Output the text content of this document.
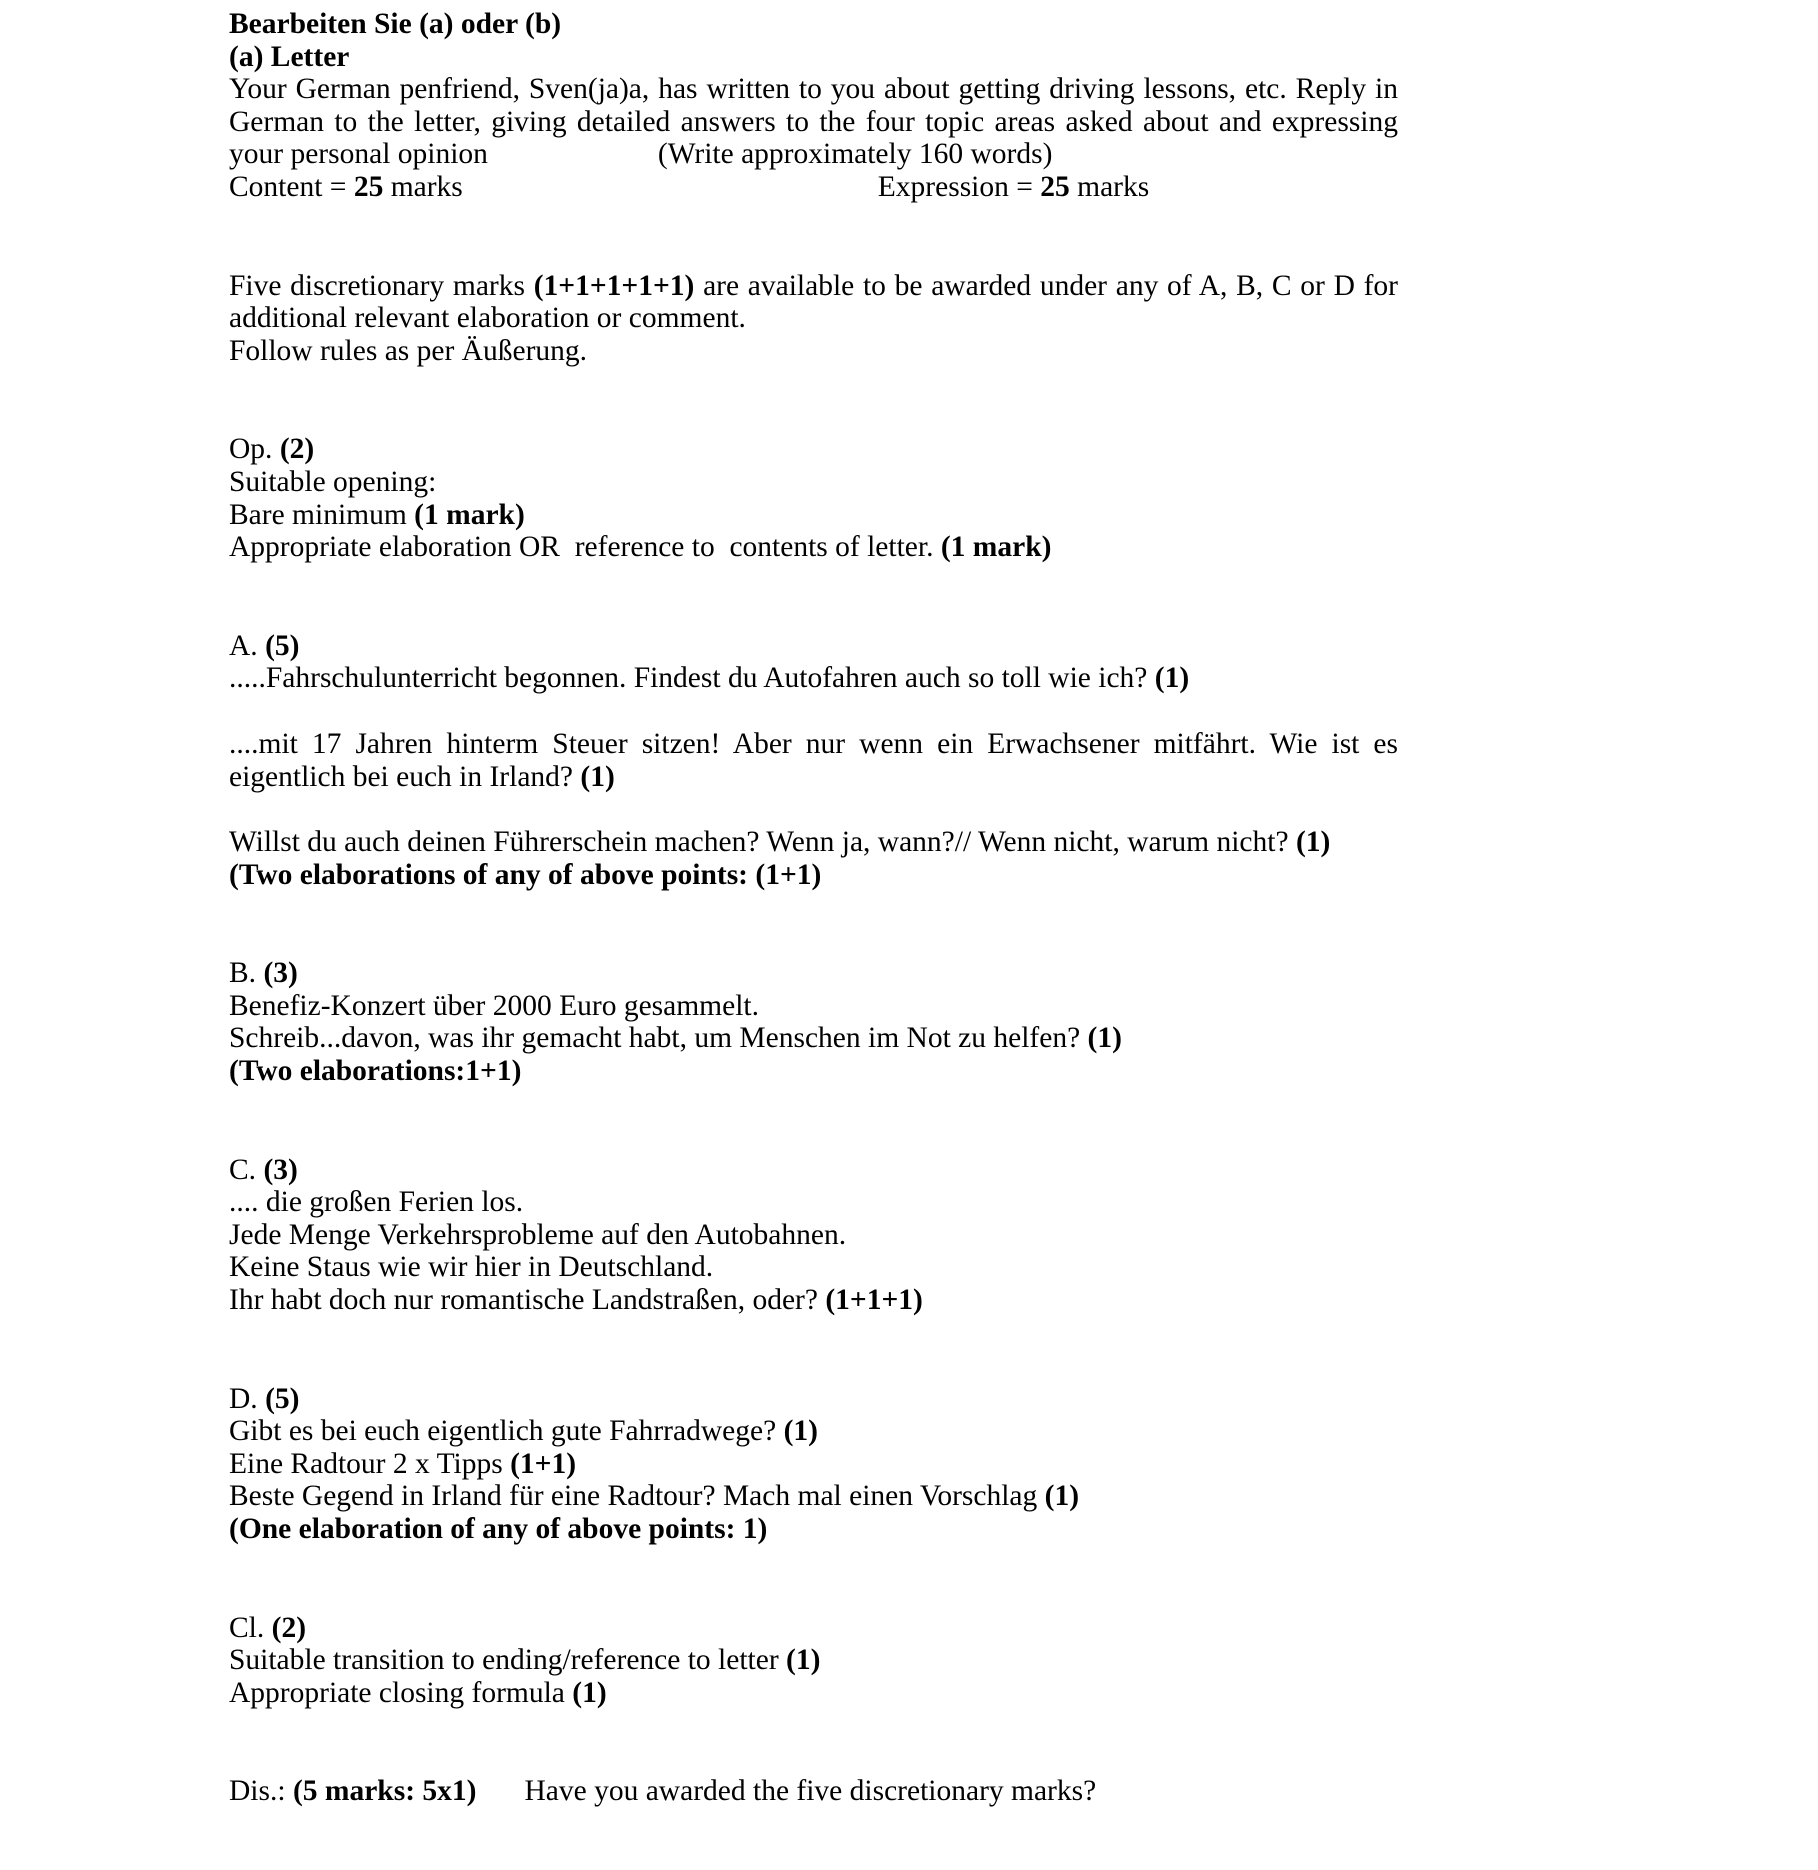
Bearbeiten Sie (a) oder (b)

(a) Letter

Your German penfriend, Sven(ja)a, has written to you about getting driving lessons, etc. Reply in German to the letter, giving detailed answers to the four topic areas asked about and expressing your personal opinion	(Write approximately 160 words)

Content = 25 marks	Expression = 25 marks

Five discretionary marks (1+1+1+1+1) are available to be awarded under any of A, B, C or D for additional relevant elaboration or comment.

Follow rules as per Äußerung.

Op. (2)

Suitable opening:

Bare minimum (1 mark)

Appropriate elaboration OR  reference to  contents of letter. (1 mark)

A. (5)

.....Fahrschulunterricht begonnen. Findest du Autofahren auch so toll wie ich? (1)

....mit 17 Jahren hinterm Steuer sitzen! Aber nur wenn ein Erwachsener mitfährt. Wie ist es eigentlich bei euch in Irland? (1)

Willst du auch deinen Führerschein machen? Wenn ja, wann?// Wenn nicht, warum nicht? (1)

(Two elaborations of any of above points: (1+1)

B. (3)

Benefiz-Konzert über 2000 Euro gesammelt.

Schreib...davon, was ihr gemacht habt, um Menschen im Not zu helfen? (1)

(Two elaborations:1+1)

C. (3)

.... die großen Ferien los.

Jede Menge Verkehrsprobleme auf den Autobahnen.

Keine Staus wie wir hier in Deutschland.

Ihr habt doch nur romantische Landstraßen, oder? (1+1+1)

D. (5)

Gibt es bei euch eigentlich gute Fahrradwege? (1)

Eine Radtour 2 x Tipps (1+1)

Beste Gegend in Irland für eine Radtour? Mach mal einen Vorschlag (1)

(One elaboration of any of above points: 1)

Cl. (2)

Suitable transition to ending/reference to letter (1)

Appropriate closing formula (1)

Dis.: (5 marks: 5x1) Have you awarded the five discretionary marks?
